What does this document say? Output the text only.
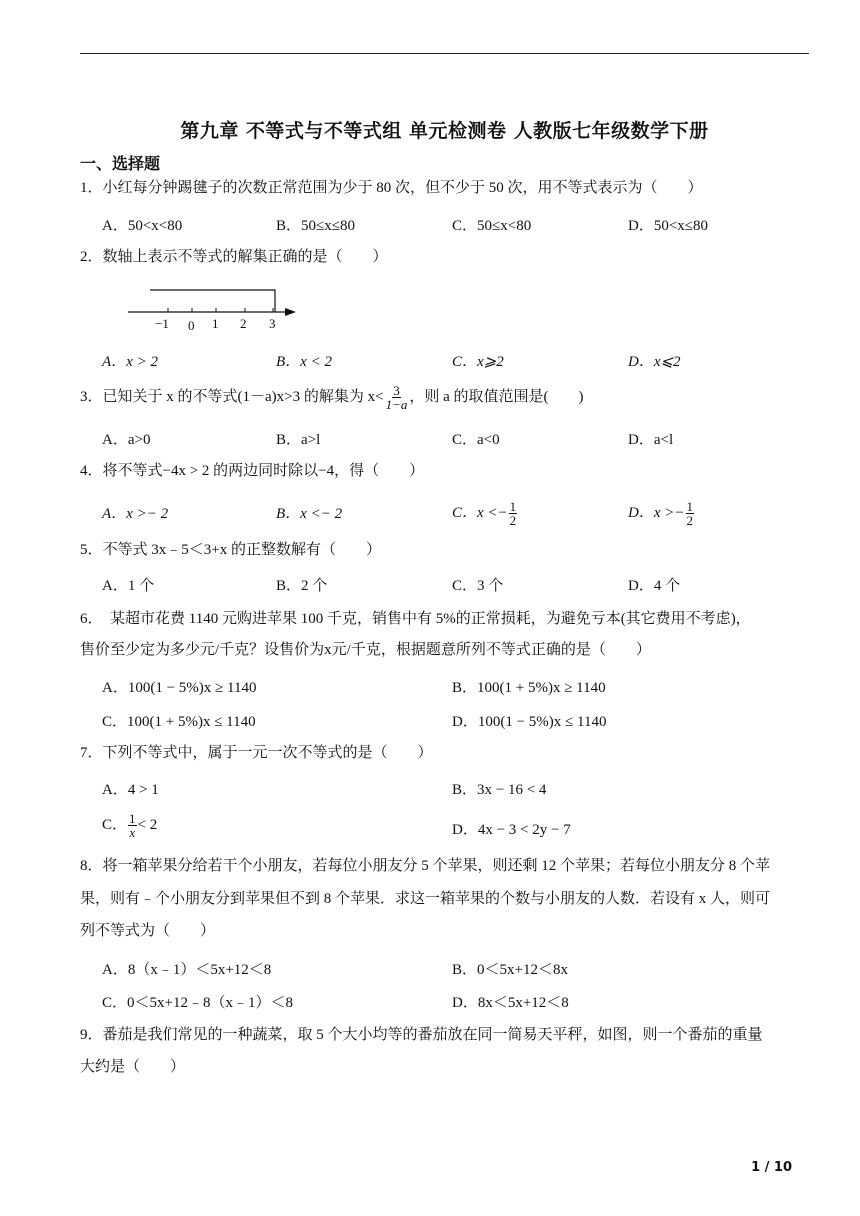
第九章 不等式与不等式组 单元检测卷 人教版七年级数学下册
一、选择题
1．小红每分钟踢毽子的次数正常范围为少于 80 次，但不少于 50 次，用不等式表示为（　　）
A．50<x<80	B．50≤x≤80	C．50≤x<80	D．50<x≤80
2．数轴上表示不等式的解集正确的是（　　）
−1 0 1 2 3
A．x > 2	B．x < 2	C．x⩾2	D．x⩽2
3．已知关于 x 的不等式(1－a)x>3 的解集为 $x< \frac{3}{1-a}$ ，则 a 的取值范围是(　　)
A．a>0	B．a>l	C．a<0	D．a<l
4．将不等式−4x > 2 的两边同时除以−4，得（　　）
A．x >− 2	B．x <− 2	C．$x <- \frac{1}{2}$	D．$x >- \frac{1}{2}$
5．不等式 3x﹣5＜3+x 的正整数解有（　　）
A．1 个	B．2 个	C．3 个	D．4 个
6．　某超市花费 1140 元购进苹果 100 千克，销售中有 5%的正常损耗，为避免亏本(其它费用不考虑)，
售价至少定为多少元/千克？设售价为x元/千克，根据题意所列不等式正确的是（　　）
A．100(1 − 5%)x ≥ 1140	B．100(1 + 5%)x ≥ 1140
C．100(1 + 5%)x ≤ 1140	D．100(1 − 5%)x ≤ 1140
7．下列不等式中，属于一元一次不等式的是（　　）
A．4 > 1	B．3x − 16 < 4
C． $\frac{1}{x} < 2$	D．4x − 3 < 2y − 7
8．将一箱苹果分给若干个小朋友，若每位小朋友分 5 个苹果，则还剩 12 个苹果；若每位小朋友分 8 个苹
果，则有﹣个小朋友分到苹果但不到 8 个苹果．求这一箱苹果的个数与小朋友的人数．若设有 x 人，则可
列不等式为（　　）
A．8（x﹣1）＜5x+12＜8	B．0＜5x+12＜8x
C．0＜5x+12﹣8（x﹣1）＜8	D．8x＜5x+12＜8
9．番茄是我们常见的一种蔬菜，取 5 个大小均等的番茄放在同一简易天平秤，如图，则一个番茄的重量
大约是（　　）
1 / 10
